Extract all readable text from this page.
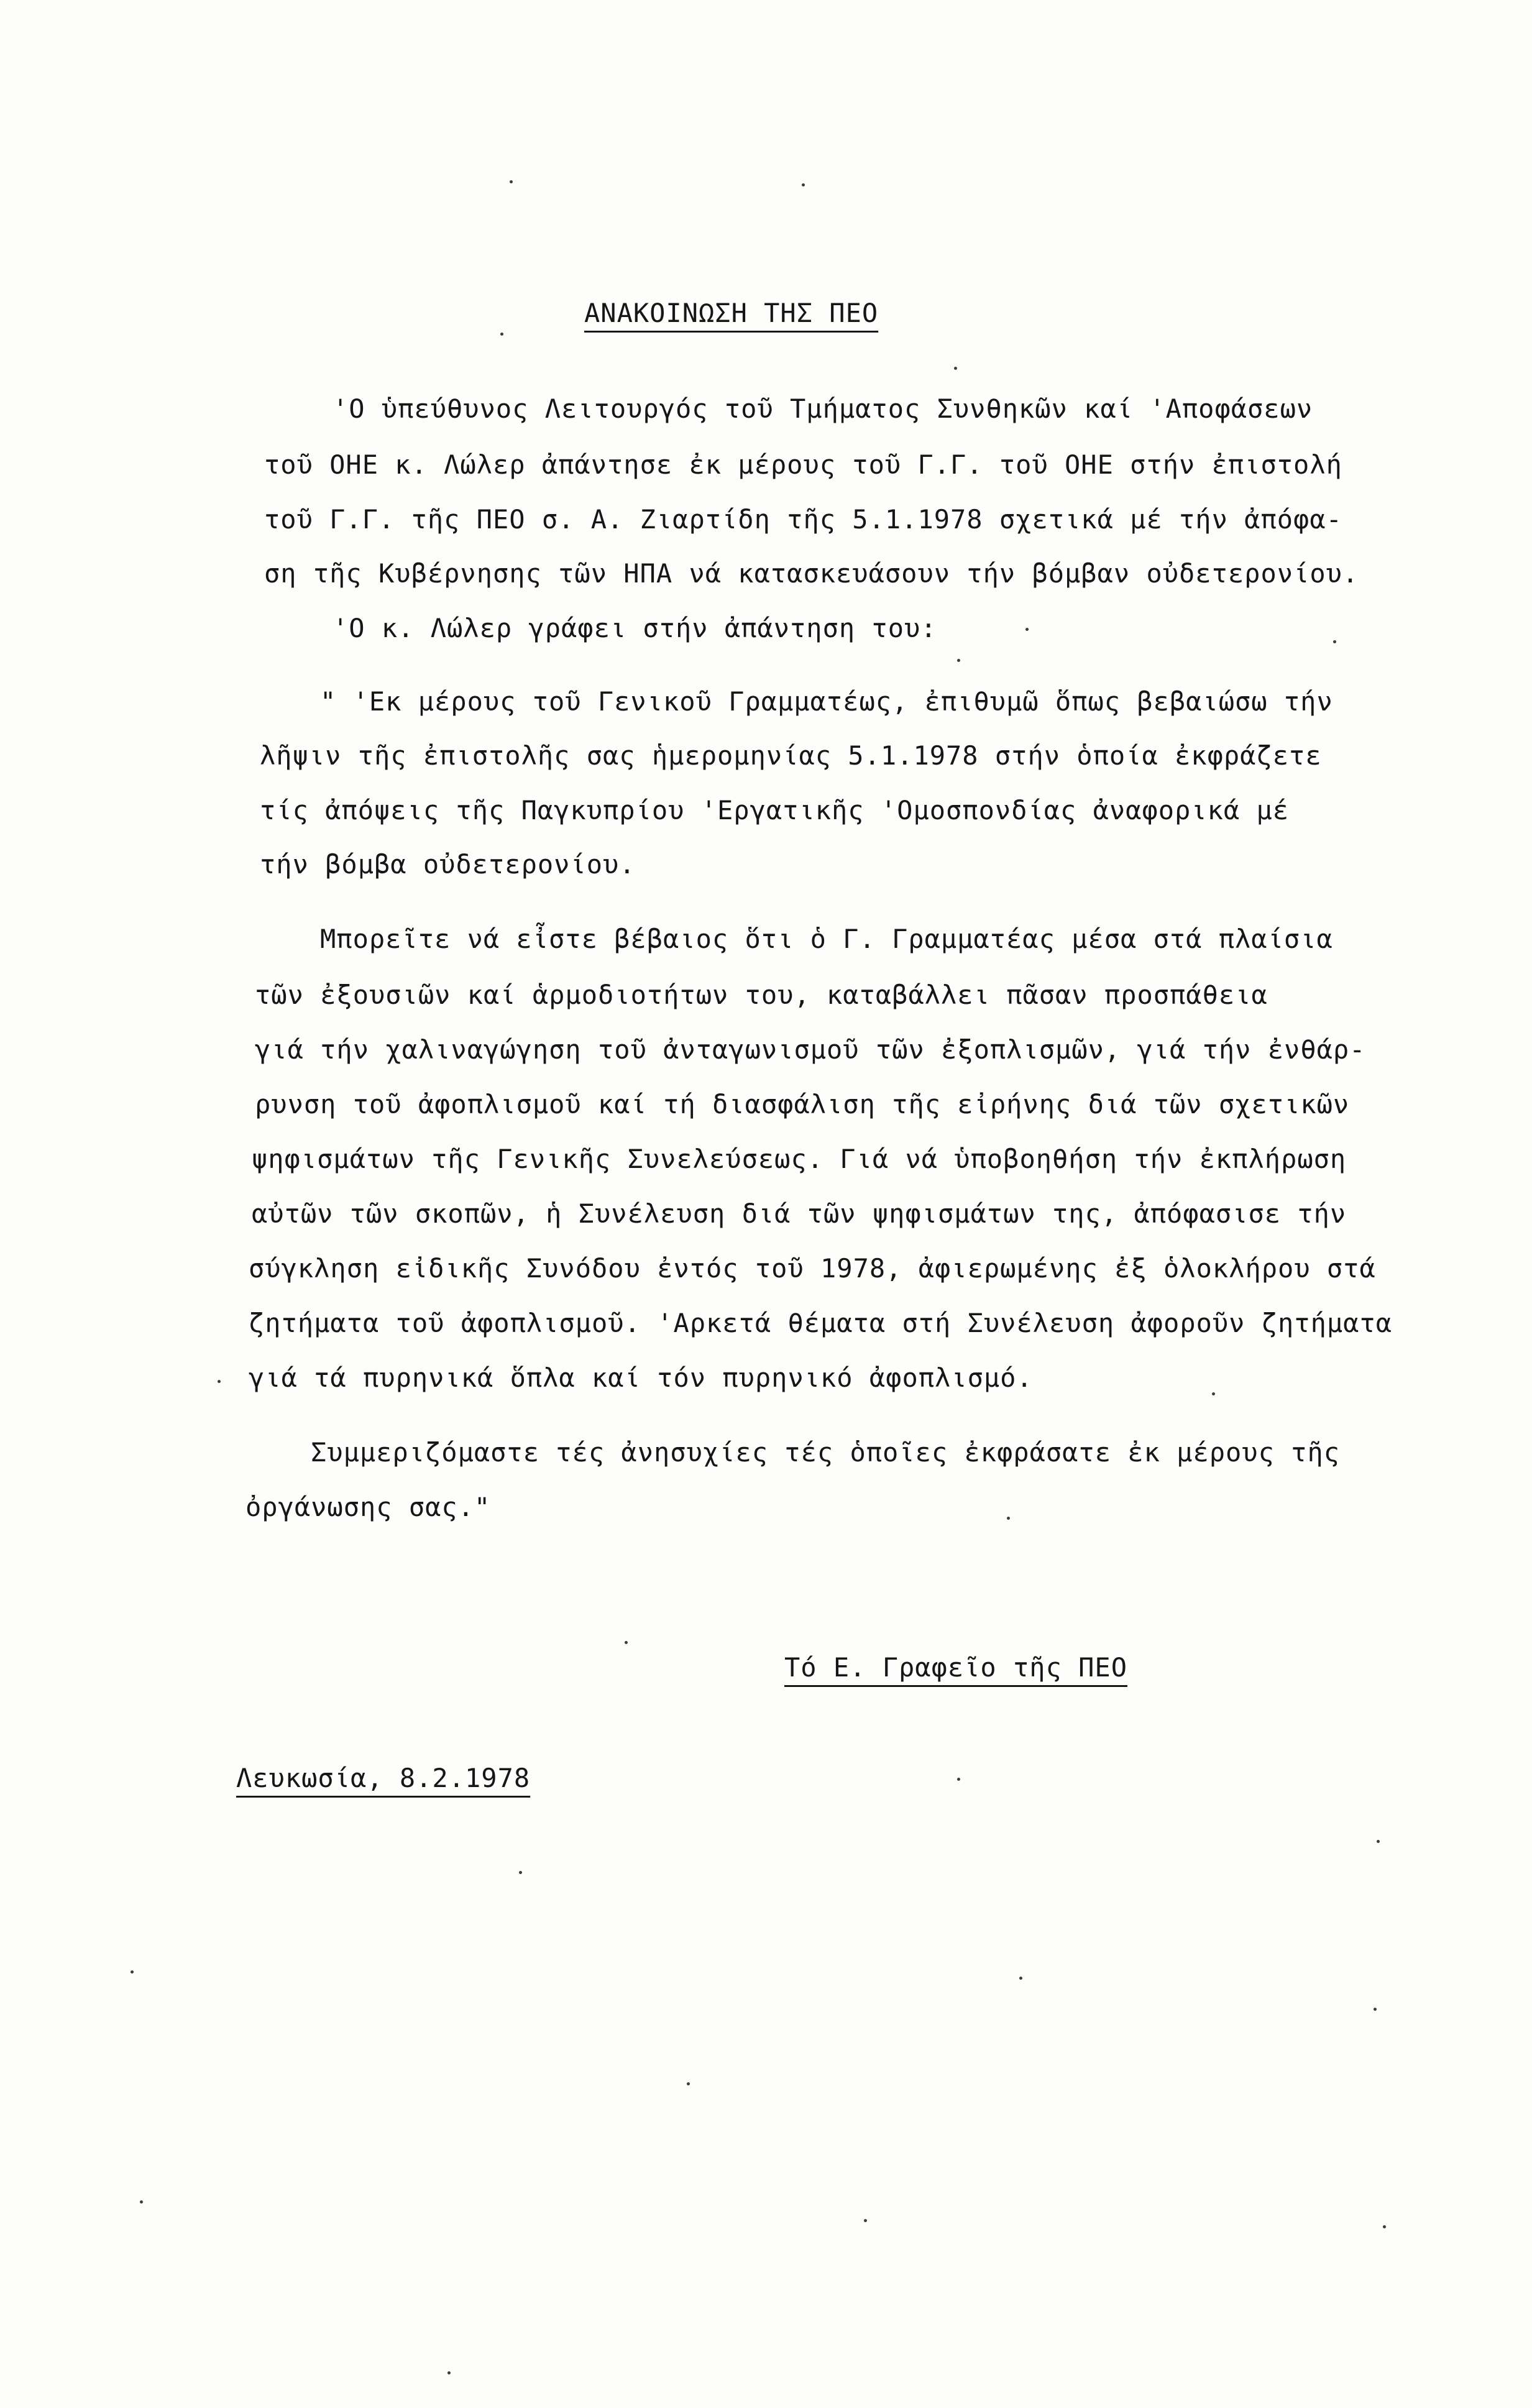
ΑΝΑΚΟΙΝΩΣΗ ΤΗΣ ΠΕΟ
'Ο ὑπεύθυνος Λειτουργός τοῦ Τμήματος Συνθηκῶν καί 'Αποφάσεων
τοῦ ΟΗΕ κ. Λώλερ ἀπάντησε ἐκ μέρους τοῦ Γ.Γ. τοῦ ΟΗΕ στήν ἐπιστολή
τοῦ Γ.Γ. τῆς ΠΕΟ σ. Α. Ζιαρτίδη τῆς 5.1.1978 σχετικά μέ τήν ἀπόφα-
ση τῆς Κυβέρνησης τῶν ΗΠΑ νά κατασκευάσουν τήν βόμβαν οὐδετερονίου.
'Ο κ. Λώλερ γράφει στήν ἀπάντηση του:
" 'Εκ μέρους τοῦ Γενικοῦ Γραμματέως, ἐπιθυμῶ ὅπως βεβαιώσω τήν
λῆψιν τῆς ἐπιστολῆς σας ἡμερομηνίας 5.1.1978 στήν ὁποία ἐκφράζετε
τίς ἀπόψεις τῆς Παγκυπρίου 'Εργατικῆς 'Ομοσπονδίας ἀναφορικά μέ
τήν βόμβα οὐδετερονίου.
Μπορεῖτε νά εἶστε βέβαιος ὅτι ὁ Γ. Γραμματέας μέσα στά πλαίσια
τῶν ἐξουσιῶν καί ἁρμοδιοτήτων του, καταβάλλει πᾶσαν προσπάθεια
γιά τήν χαλιναγώγηση τοῦ ἀνταγωνισμοῦ τῶν ἐξοπλισμῶν, γιά τήν ἐνθάρ-
ρυνση τοῦ ἀφοπλισμοῦ καί τή διασφάλιση τῆς εἰρήνης διά τῶν σχετικῶν
ψηφισμάτων τῆς Γενικῆς Συνελεύσεως. Γιά νά ὑποβοηθήση τήν ἐκπλήρωση
αὐτῶν τῶν σκοπῶν, ἡ Συνέλευση διά τῶν ψηφισμάτων της, ἀπόφασισε τήν
σύγκληση εἰδικῆς Συνόδου ἐντός τοῦ 1978, ἀφιερωμένης ἐξ ὁλοκλήρου στά
ζητήματα τοῦ ἀφοπλισμοῦ. 'Αρκετά θέματα στή Συνέλευση ἀφοροῦν ζητήματα
γιά τά πυρηνικά ὅπλα καί τόν πυρηνικό ἀφοπλισμό.
Συμμεριζόμαστε τές ἀνησυχίες τές ὁποῖες ἐκφράσατε ἐκ μέρους τῆς
ὀργάνωσης σας."
Τό Ε. Γραφεῖο τῆς ΠΕΟ
Λευκωσία, 8.2.1978
